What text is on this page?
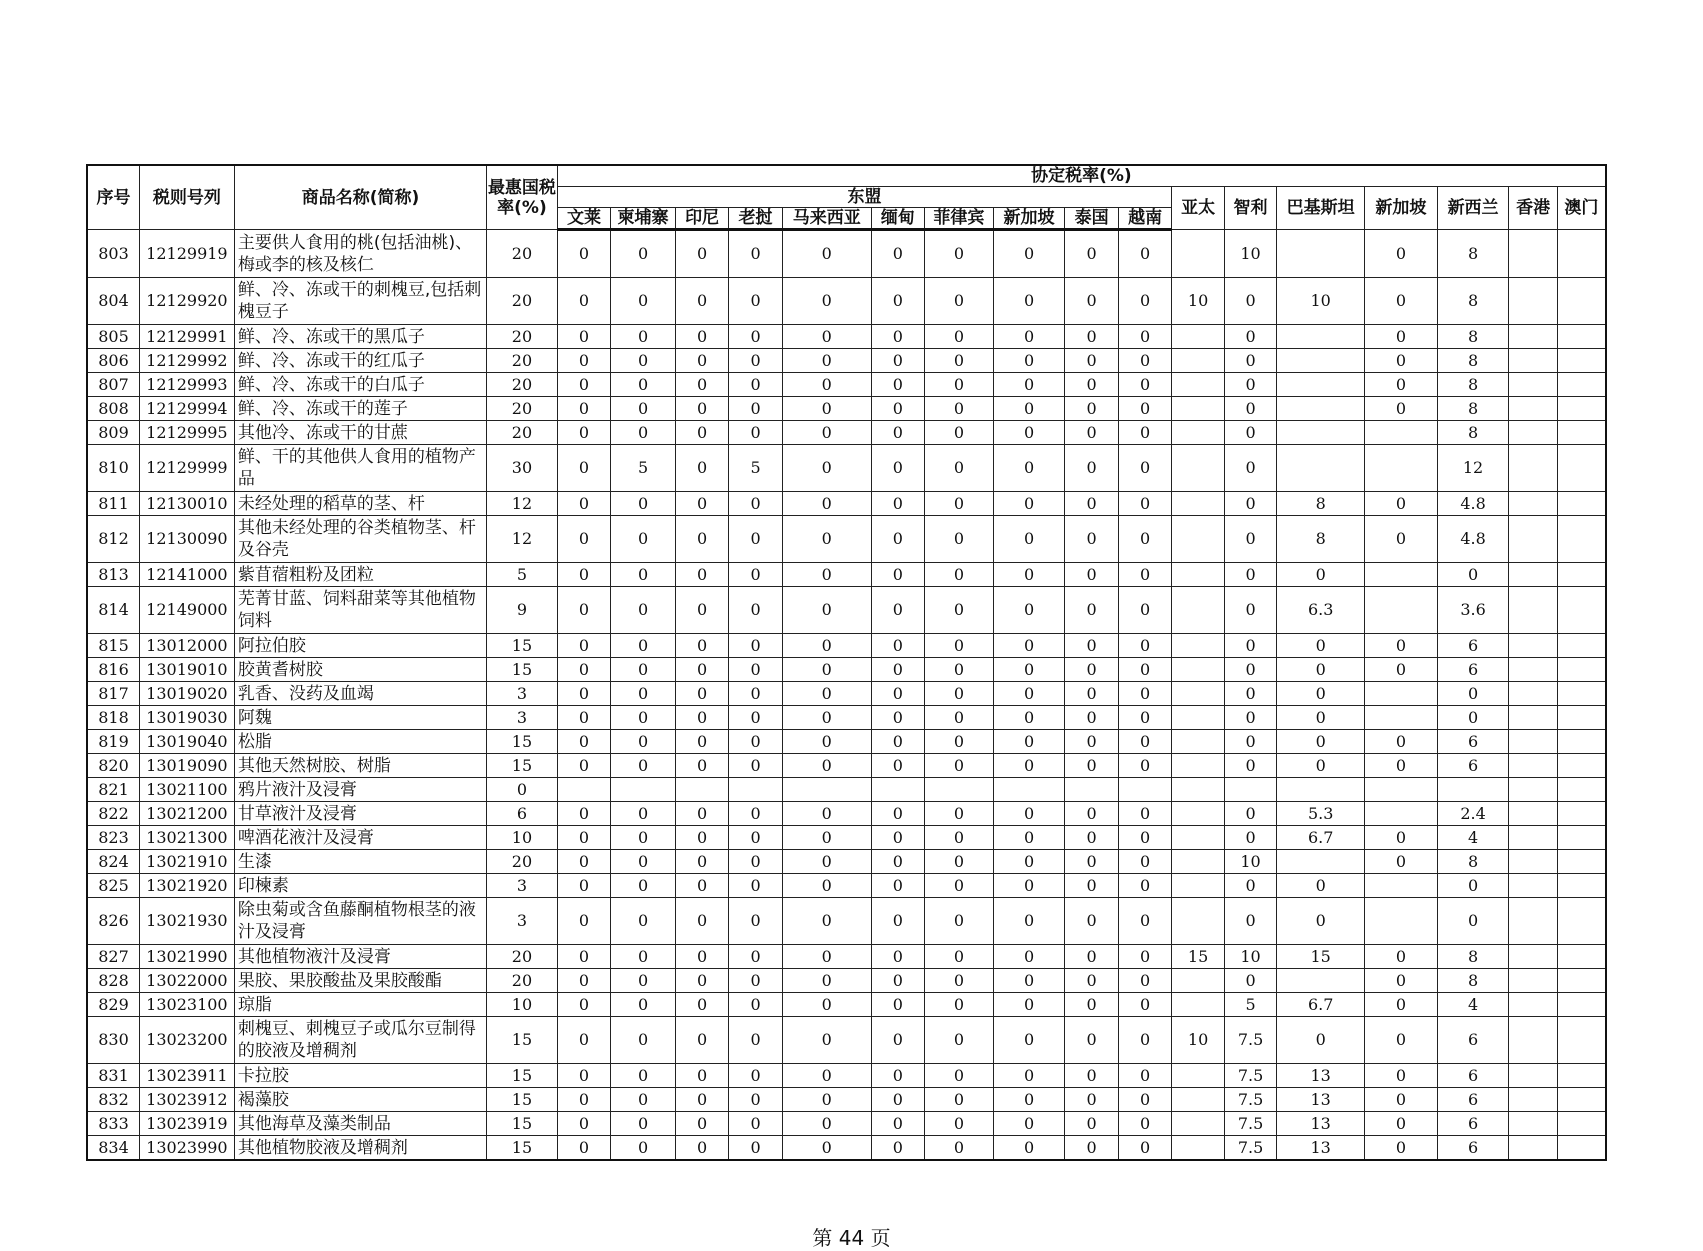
序号	税则号列	商品名称(简称)	最惠国税率(%)	协定税率(%)																
				东盟										亚太	智利	巴基斯坦	新加坡	新西兰	香港	澳门
				文莱	柬埔寨	印尼	老挝	马来西亚	缅甸	菲律宾	新加坡	泰国	越南							
803	12129919	主要供人食用的桃(包括油桃)、梅或李的核及核仁	20	0	0	0	0	0	0	0	0	0	0		10		0	8		
804	12129920	鲜、冷、冻或干的刺槐豆,包括刺槐豆子	20	0	0	0	0	0	0	0	0	0	0	10	0	10	0	8		
805	12129991	鲜、冷、冻或干的黑瓜子	20	0	0	0	0	0	0	0	0	0	0		0		0	8		
806	12129992	鲜、冷、冻或干的红瓜子	20	0	0	0	0	0	0	0	0	0	0		0		0	8		
807	12129993	鲜、冷、冻或干的白瓜子	20	0	0	0	0	0	0	0	0	0	0		0		0	8		
808	12129994	鲜、冷、冻或干的莲子	20	0	0	0	0	0	0	0	0	0	0		0		0	8		
809	12129995	其他冷、冻或干的甘蔗	20	0	0	0	0	0	0	0	0	0	0		0			8		
810	12129999	鲜、干的其他供人食用的植物产品	30	0	5	0	5	0	0	0	0	0	0		0			12		
811	12130010	未经处理的稻草的茎、杆	12	0	0	0	0	0	0	0	0	0	0		0	8	0	4.8		
812	12130090	其他未经处理的谷类植物茎、杆及谷壳	12	0	0	0	0	0	0	0	0	0	0		0	8	0	4.8		
813	12141000	紫苜蓿粗粉及团粒	5	0	0	0	0	0	0	0	0	0	0		0	0		0		
814	12149000	芜菁甘蓝、饲料甜菜等其他植物饲料	9	0	0	0	0	0	0	0	0	0	0		0	6.3		3.6		
815	13012000	阿拉伯胶	15	0	0	0	0	0	0	0	0	0	0		0	0	0	6		
816	13019010	胶黄耆树胶	15	0	0	0	0	0	0	0	0	0	0		0	0	0	6		
817	13019020	乳香、没药及血竭	3	0	0	0	0	0	0	0	0	0	0		0	0		0		
818	13019030	阿魏	3	0	0	0	0	0	0	0	0	0	0		0	0		0		
819	13019040	松脂	15	0	0	0	0	0	0	0	0	0	0		0	0	0	6		
820	13019090	其他天然树胶、树脂	15	0	0	0	0	0	0	0	0	0	0		0	0	0	6		
821	13021100	鸦片液汁及浸膏	0																	
822	13021200	甘草液汁及浸膏	6	0	0	0	0	0	0	0	0	0	0		0	5.3		2.4		
823	13021300	啤酒花液汁及浸膏	10	0	0	0	0	0	0	0	0	0	0		0	6.7	0	4		
824	13021910	生漆	20	0	0	0	0	0	0	0	0	0	0		10		0	8		
825	13021920	印楝素	3	0	0	0	0	0	0	0	0	0	0		0	0		0		
826	13021930	除虫菊或含鱼藤酮植物根茎的液汁及浸膏	3	0	0	0	0	0	0	0	0	0	0		0	0		0		
827	13021990	其他植物液汁及浸膏	20	0	0	0	0	0	0	0	0	0	0	15	10	15	0	8		
828	13022000	果胶、果胶酸盐及果胶酸酯	20	0	0	0	0	0	0	0	0	0	0		0		0	8		
829	13023100	琼脂	10	0	0	0	0	0	0	0	0	0	0		5	6.7	0	4		
830	13023200	刺槐豆、刺槐豆子或瓜尔豆制得的胶液及增稠剂	15	0	0	0	0	0	0	0	0	0	0	10	7.5	0	0	6		
831	13023911	卡拉胶	15	0	0	0	0	0	0	0	0	0	0		7.5	13	0	6		
832	13023912	褐藻胶	15	0	0	0	0	0	0	0	0	0	0		7.5	13	0	6		
833	13023919	其他海草及藻类制品	15	0	0	0	0	0	0	0	0	0	0		7.5	13	0	6		
834	13023990	其他植物胶液及增稠剂	15	0	0	0	0	0	0	0	0	0	0		7.5	13	0	6		
第 44 页
